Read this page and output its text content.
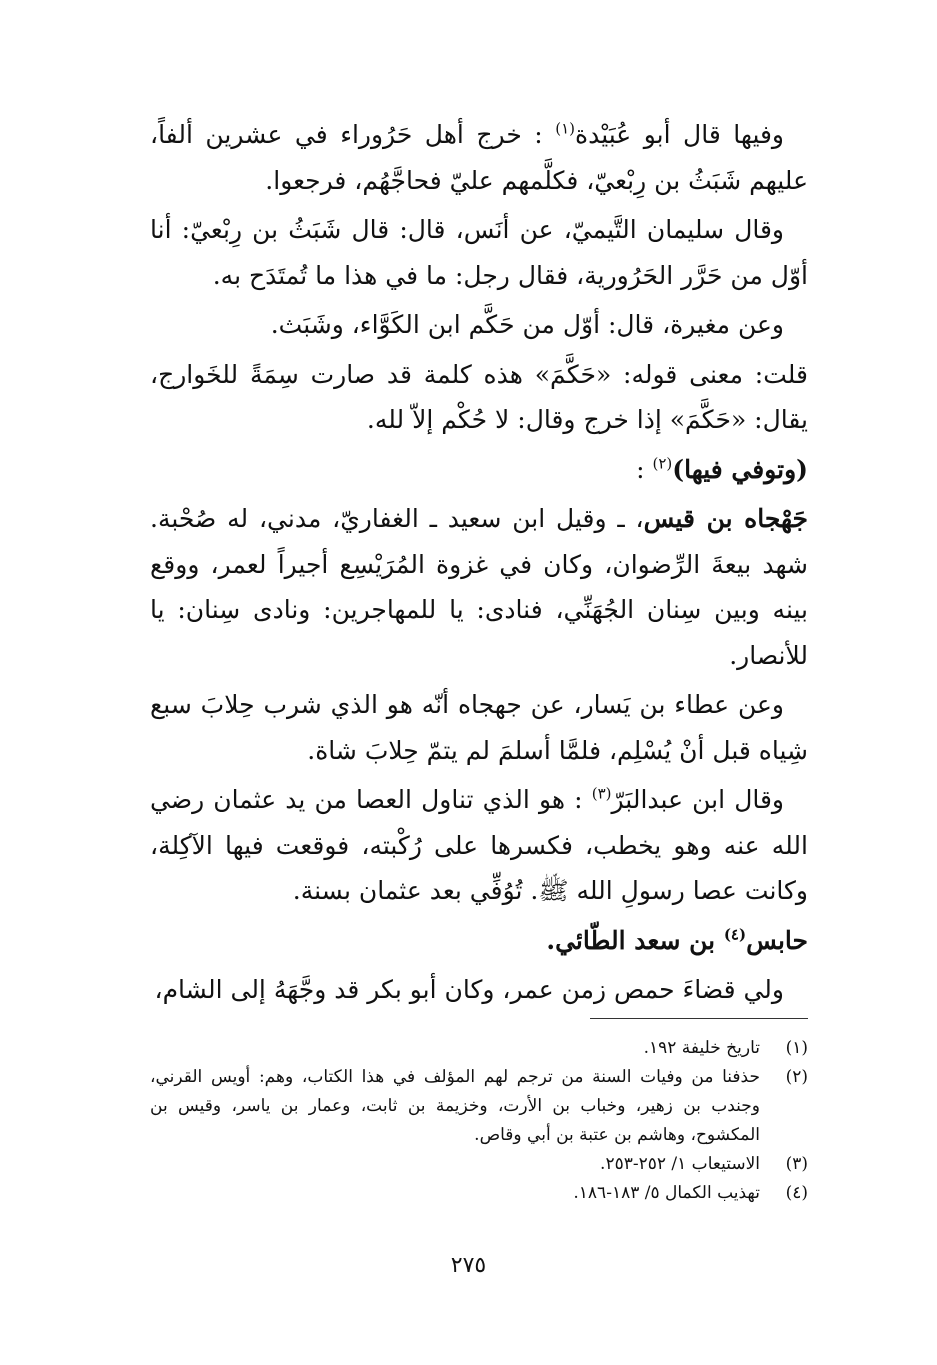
وفيها قال أبو عُبَيْدة$^{(١)}$ : خرج أهل حَرُوراء في عشرين ألفاً، عليهم شَبَثُ بن رِبْعيّ، فكلَّمهم عليّ فحاجَّهُم، فرجعوا.

وقال سليمان التَّيميّ، عن أنَس، قال: قال شَبَثُ بن رِبْعيّ: أنا أوّل من حَرَّر الحَرُورية، فقال رجل: ما في هذا ما تُمتَدَح به.

وعن مغيرة، قال: أوّل من حَكَّم ابن الكَوَّاء، وشَبَث.

قلت: معنى قوله: «حَكَّمَ» هذه كلمة قد صارت سِمَةً للخَوارج، يقال: «حَكَّمَ» إذا خرج وقال: لا حُكْم إلاّ لله.

(وتوفي فيها)$^{(٢)}$ :

جَهْجاه بن قيس، ـ وقيل ابن سعيد ـ الغفاريّ، مدني، له صُحْبة. شهد بيعةَ الرِّضوان، وكان في غزوة المُرَيْسِع أجيراً لعمر، ووقع بينه وبين سِنان الجُهَنِّي، فنادى: يا للمهاجرين: ونادى سِنان: يا للأنصار.

وعن عطاء بن يَسار، عن جهجاه أنّه هو الذي شرب حِلابَ سبع شِياه قبل أنْ يُسْلِم، فلمَّا أسلمَ لم يتمّ حِلابَ شاة.

وقال ابن عبدالبَرّ$^{(٣)}$ : هو الذي تناول العصا من يد عثمان رضي الله عنه وهو يخطب، فكسرها على رُكْبته، فوقعت فيها الآكِلة، وكانت عصا رسولِ الله ﷺ. تُوُفِّي بعد عثمان بسنة.

حابس$^{(٤)}$ بن سعد الطّائي.

ولي قضاءَ حمص زمن عمر، وكان أبو بكر قد وجَّهَهُ إلى الشام،

(١)
تاريخ خليفة ١٩٢.
(٢)
حذفنا من وفيات السنة من ترجم لهم المؤلف في هذا الكتاب، وهم: أويس القرني، وجندب بن زهير، وخباب بن الأرت، وخزيمة بن ثابت، وعمار بن ياسر، وقيس بن المكشوح، وهاشم بن عتبة بن أبي وقاص.
(٣)
الاستيعاب ١/ ٢٥٢-٢٥٣.
(٤)
تهذيب الكمال ٥/ ١٨٣-١٨٦.
٢٧٥
